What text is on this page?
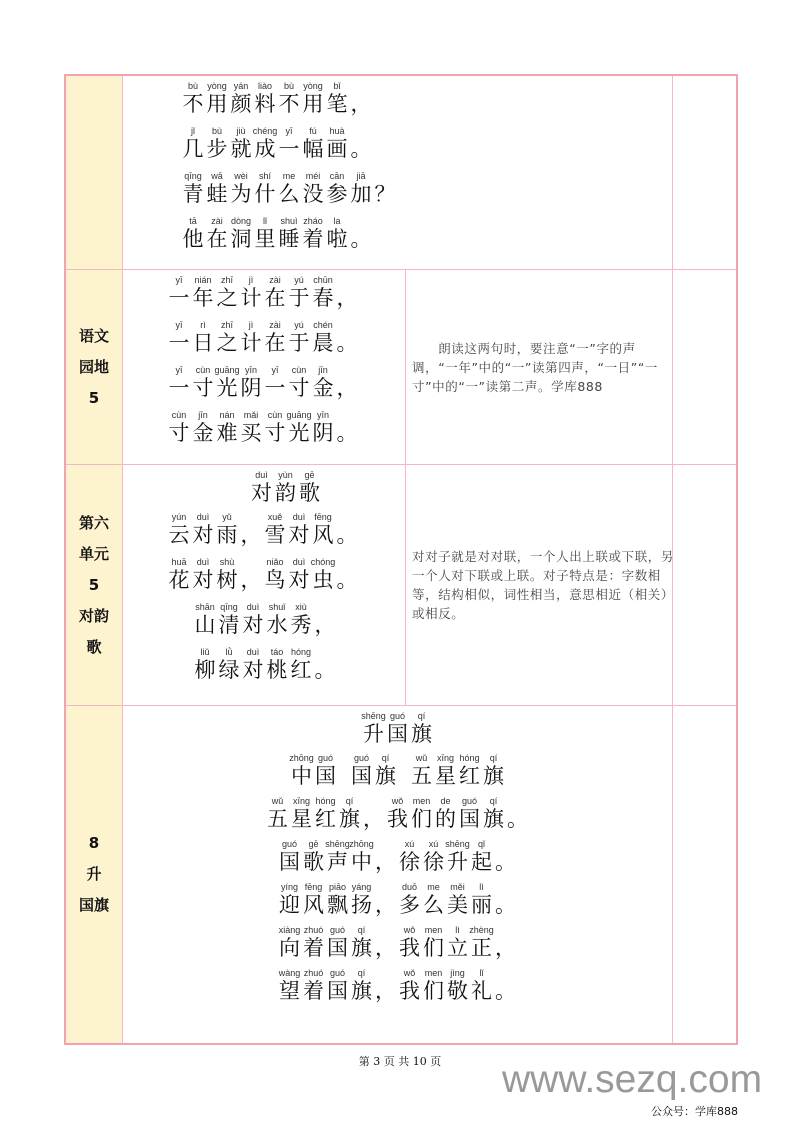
bù
不
yòng
用
yán
颜
liào
料
bù
不
yòng
用
bǐ
笔 ，
jǐ
几
bù
步
jiù
就
chéng
成
yī
一
fú
幅
huà
画 。
qīng
青
wā
蛙
wèi
为
shí
什
me
么
méi
没
cān
参
jiā
加 ？
tā
他
zài
在
dòng
洞
lǐ
里
shuì
睡
zháo
着
la
啦 。
语文
园地
5
yī
一
nián
年
zhī
之
jì
计
zài
在
yú
于
chūn
春 ，
yī
一
rì
日
zhī
之
jì
计
zài
在
yú
于
chén
晨 。
yī
一
cùn
寸
guāng
光
yīn
阴
yī
一
cùn
寸
jīn
金 ，
cùn
寸
jīn
金
nán
难
mǎi
买
cùn
寸
guāng
光
yīn
阴 。
　　朗读这两句时，要注意“一”字的声调，“一年”中的“一”读第四声，“一日”“一寸”中的“一”读第二声。学库888
第六
单元
5
对韵
歌
duì
对
yùn
韵
gē
歌
yún
云
duì
对
yǔ
雨 ，
xuě
雪
duì
对
fēng
风 。
huā
花
duì
对
shù
树 ，
niǎo
鸟
duì
对
chóng
虫 。
shān
山
qīng
清
duì
对
shuǐ
水
xiù
秀 ，
liǔ
柳
lǜ
绿
duì
对
táo
桃
hóng
红 。
对对子就是对对联，一个人出上联或下联，另一个人对下联或上联。对子特点是：字数相等，结构相似，词性相当，意思相近（相关）或相反。
8
升
国旗
shēng
升
guó
国
qí
旗
zhōng
中
guó
国
guó
国
qí
旗
wǔ
五
xīng
星
hóng
红
qí
旗
wǔ
五
xīng
星
hóng
红
qí
旗 ，
wǒ
我
men
们
de
的
guó
国
qí
旗 。
guó
国
gē
歌
shēng
声
zhōng
中 ，
xú
徐
xú
徐
shēng
升
qǐ
起 。
yíng
迎
fēng
风
piāo
飘
yáng
扬 ，
duō
多
me
么
měi
美
lì
丽 。
xiàng
向
zhuó
着
guó
国
qí
旗 ，
wǒ
我
men
们
lì
立
zhèng
正 ，
wàng
望
zhuó
着
guó
国
qí
旗 ，
wǒ
我
men
们
jìng
敬
lǐ
礼 。
第 3 页 共 10 页	www.sezq.com
公众号：学库888
